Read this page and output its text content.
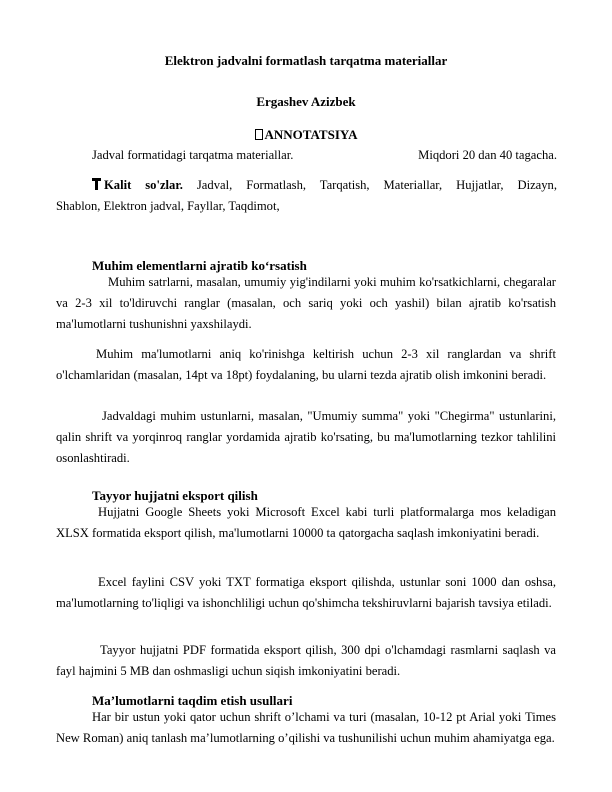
Elektron jadvalni formatlash tarqatma materiallar
Ergashev Azizbek
ANNOTATSIYA
Jadval formatidagi tarqatma materiallar.	Miqdori 20 dan 40 tagacha.
Kalit so'zlar. Jadval, Formatlash, Tarqatish, Materiallar, Hujjatlar, Dizayn,
Shablon, Elektron jadval, Fayllar, Taqdimot,
Muhim elementlarni ajratib ko‘rsatish
Muhim satrlarni, masalan, umumiy yig'indilarni yoki muhim ko'rsatkichlarni, chegaralar va 2-3 xil to'ldiruvchi ranglar (masalan, och sariq yoki och yashil) bilan ajratib ko'rsatish ma'lumotlarni tushunishni yaxshilaydi.
Muhim ma'lumotlarni aniq ko'rinishga keltirish uchun 2-3 xil ranglardan va shrift o'lchamlaridan (masalan, 14pt va 18pt) foydalaning, bu ularni tezda ajratib olish imkonini beradi.
Jadvaldagi muhim ustunlarni, masalan, "Umumiy summa" yoki "Chegirma" ustunlarini, qalin shrift va yorqinroq ranglar yordamida ajratib ko'rsating, bu ma'lumotlarning tezkor tahlilini osonlashtiradi.
Tayyor hujjatni eksport qilish
Hujjatni Google Sheets yoki Microsoft Excel kabi turli platformalarga mos keladigan XLSX formatida eksport qilish, ma'lumotlarni 10000 ta qatorgacha saqlash imkoniyatini beradi.
Excel faylini CSV yoki TXT formatiga eksport qilishda, ustunlar soni 1000 dan oshsa, ma'lumotlarning to'liqligi va ishonchliligi uchun qo'shimcha tekshiruvlarni bajarish tavsiya etiladi.
Tayyor hujjatni PDF formatida eksport qilish, 300 dpi o'lchamdagi rasmlarni saqlash va fayl hajmini 5 MB dan oshmasligi uchun siqish imkoniyatini beradi.
Ma’lumotlarni taqdim etish usullari
Har bir ustun yoki qator uchun shrift o’lchami va turi (masalan, 10-12 pt Arial yoki Times New Roman) aniq tanlash ma’lumotlarning o’qilishi va tushunilishi uchun muhim ahamiyatga ega.
